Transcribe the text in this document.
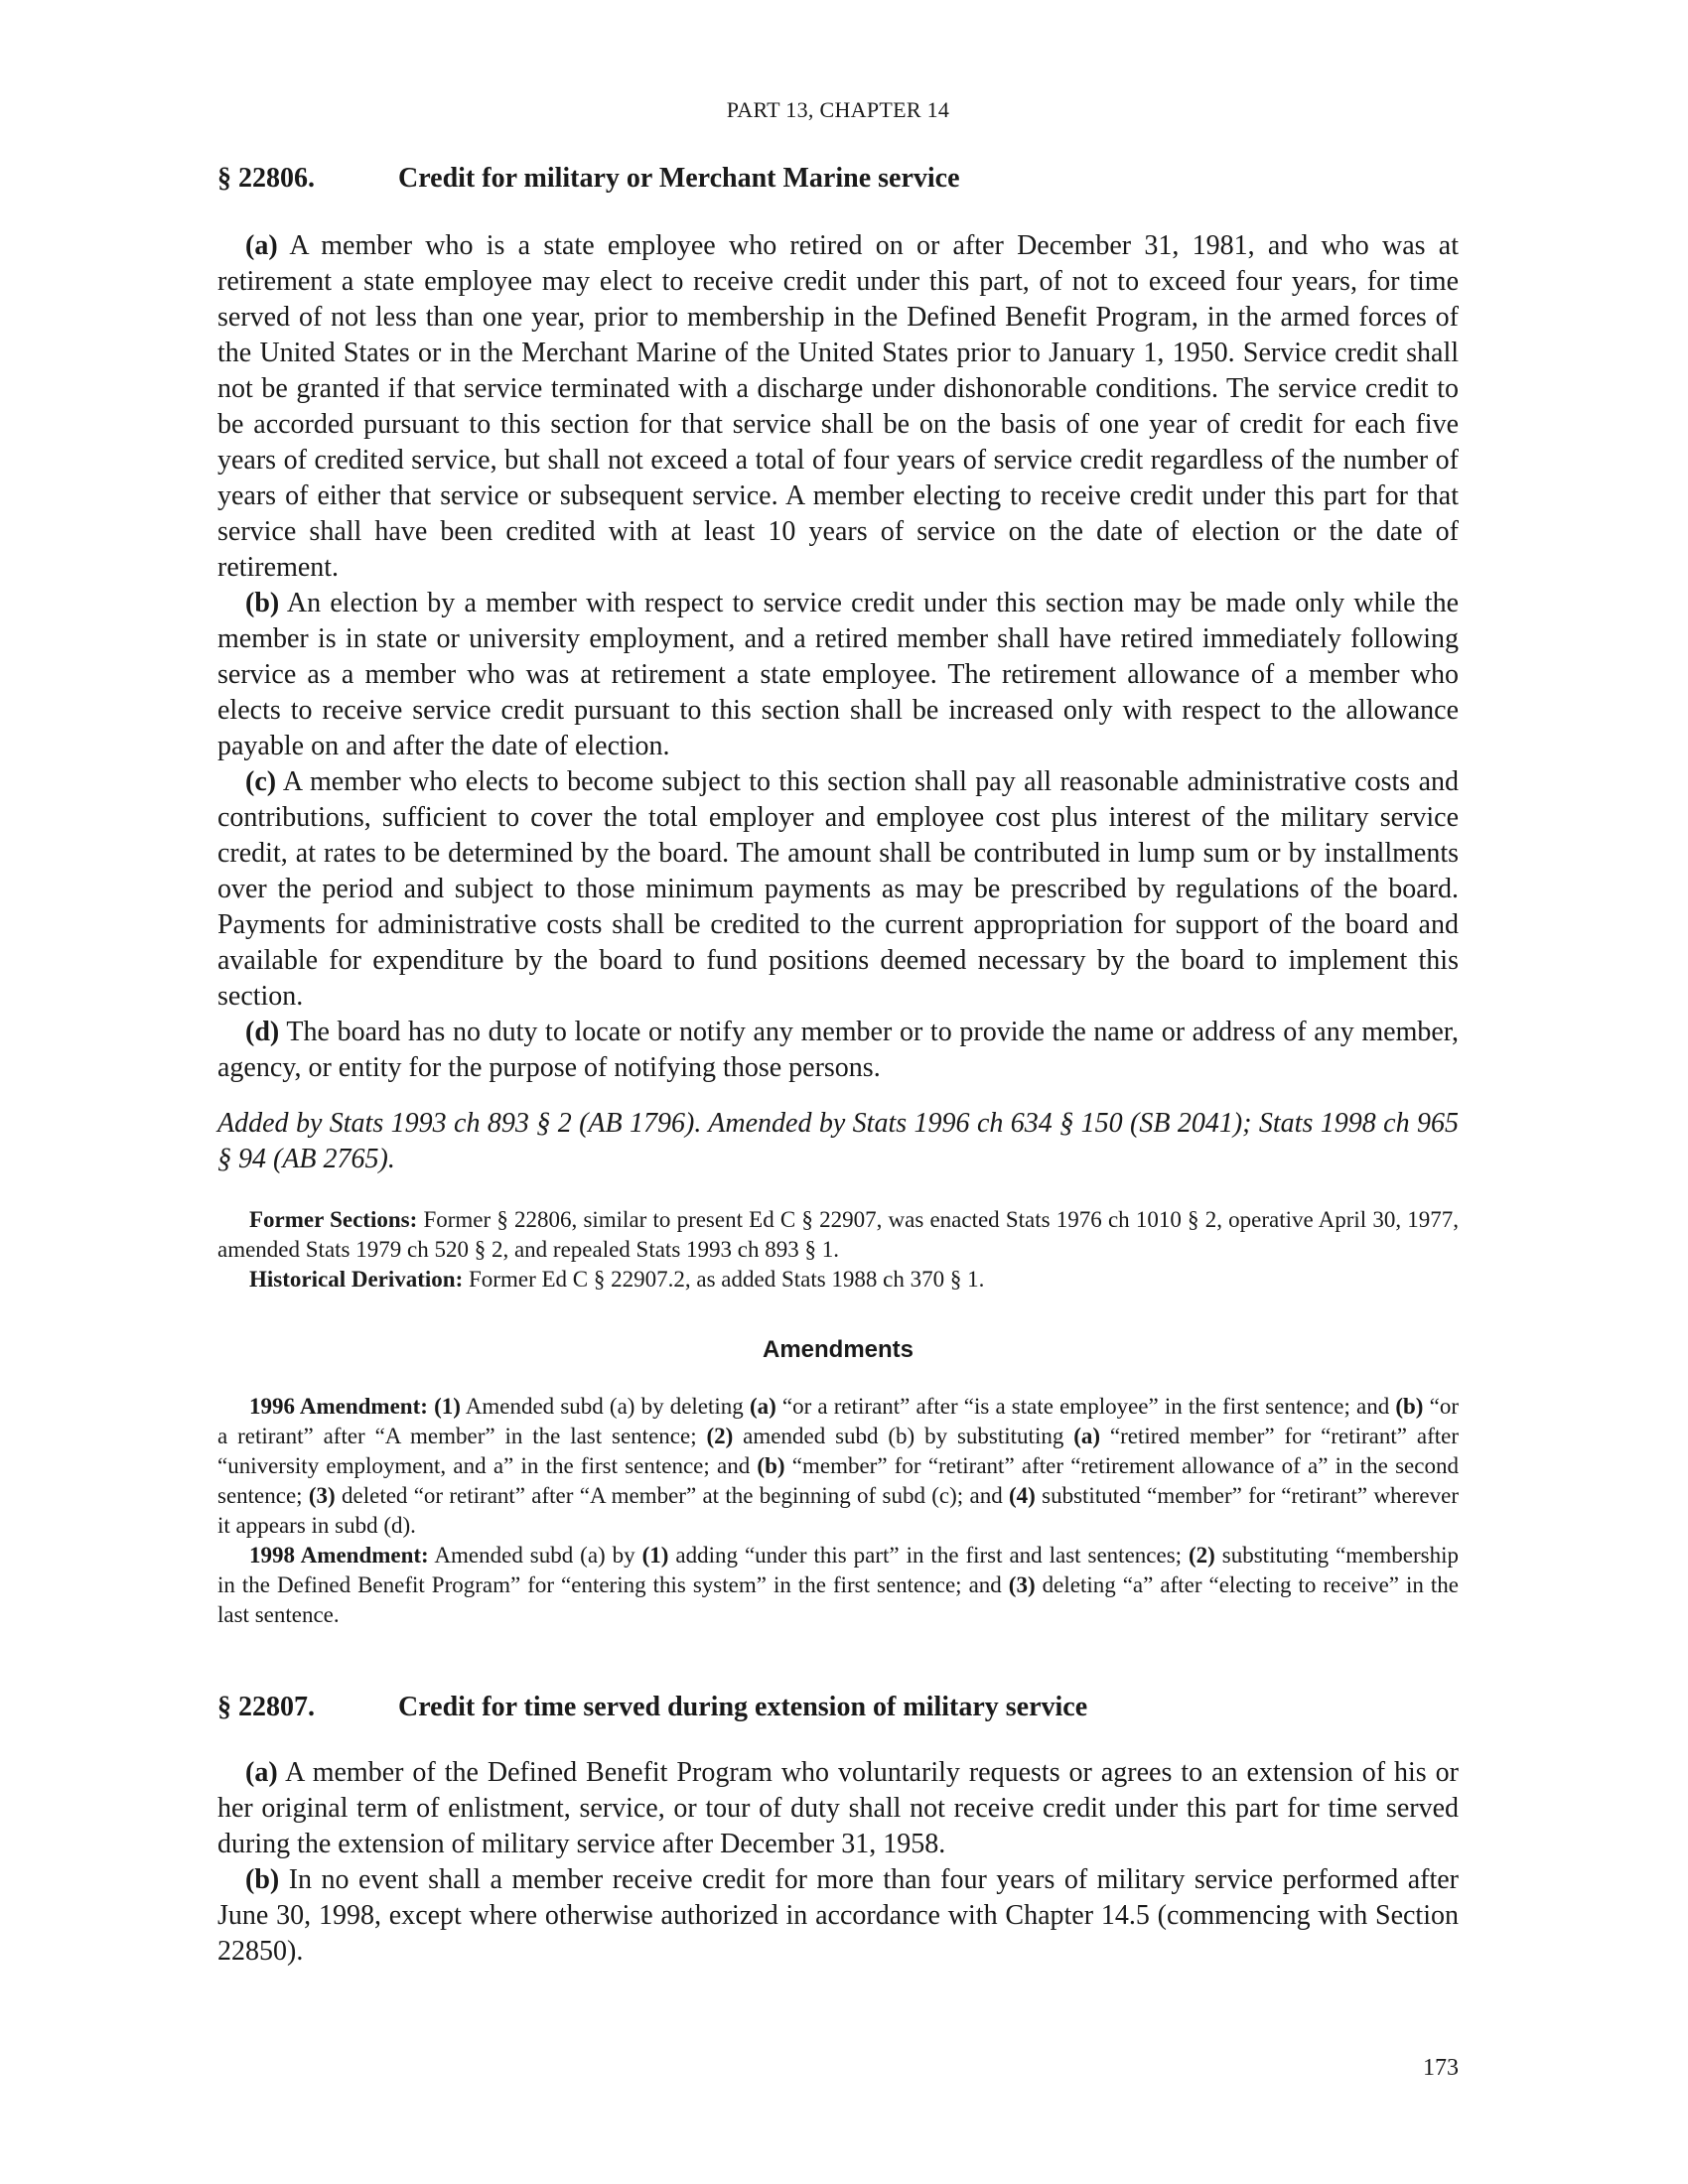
PART 13, CHAPTER 14
§ 22806.	Credit for military or Merchant Marine service

(a) A member who is a state employee who retired on or after December 31, 1981, and who was at retirement a state employee may elect to receive credit under this part, of not to exceed four years, for time served of not less than one year, prior to membership in the Defined Benefit Program, in the armed forces of the United States or in the Merchant Marine of the United States prior to January 1, 1950. Service credit shall not be granted if that service terminated with a discharge under dishonorable conditions. The service credit to be accorded pursuant to this section for that service shall be on the basis of one year of credit for each five years of credited service, but shall not exceed a total of four years of service credit regardless of the number of years of either that service or subsequent service. A member electing to receive credit under this part for that service shall have been credited with at least 10 years of service on the date of election or the date of retirement.

(b) An election by a member with respect to service credit under this section may be made only while the member is in state or university employment, and a retired member shall have retired immediately following service as a member who was at retirement a state employee. The retirement allowance of a member who elects to receive service credit pursuant to this section shall be increased only with respect to the allowance payable on and after the date of election.

(c) A member who elects to become subject to this section shall pay all reasonable administrative costs and contributions, sufficient to cover the total employer and employee cost plus interest of the military service credit, at rates to be determined by the board. The amount shall be contributed in lump sum or by installments over the period and subject to those minimum payments as may be prescribed by regulations of the board. Payments for administrative costs shall be credited to the current appropriation for support of the board and available for expenditure by the board to fund positions deemed necessary by the board to implement this section.

(d) The board has no duty to locate or notify any member or to provide the name or address of any member, agency, or entity for the purpose of notifying those persons.

Added by Stats 1993 ch 893 § 2 (AB 1796). Amended by Stats 1996 ch 634 § 150 (SB 2041); Stats 1998 ch 965 § 94 (AB 2765).

Former Sections: Former § 22806, similar to present Ed C § 22907, was enacted Stats 1976 ch 1010 § 2, operative April 30, 1977, amended Stats 1979 ch 520 § 2, and repealed Stats 1993 ch 893 § 1.

Historical Derivation: Former Ed C § 22907.2, as added Stats 1988 ch 370 § 1.

Amendments

1996 Amendment: (1) Amended subd (a) by deleting (a) “or a retirant” after “is a state employee” in the first sentence; and (b) “or a retirant” after “A member” in the last sentence; (2) amended subd (b) by substituting (a) “retired member” for “retirant” after “university employment, and a” in the first sentence; and (b) “member” for “retirant” after “retirement allowance of a” in the second sentence; (3) deleted “or retirant” after “A member” at the beginning of subd (c); and (4) substituted “member” for “retirant” wherever it appears in subd (d).

1998 Amendment: Amended subd (a) by (1) adding “under this part” in the first and last sentences; (2) substituting “membership in the Defined Benefit Program” for “entering this system” in the first sentence; and (3) deleting “a” after “electing to receive” in the last sentence.

§ 22807.	Credit for time served during extension of military service

(a) A member of the Defined Benefit Program who voluntarily requests or agrees to an extension of his or her original term of enlistment, service, or tour of duty shall not receive credit under this part for time served during the extension of military service after December 31, 1958.

(b) In no event shall a member receive credit for more than four years of military service performed after June 30, 1998, except where otherwise authorized in accordance with Chapter 14.5 (commencing with Section 22850).

173
